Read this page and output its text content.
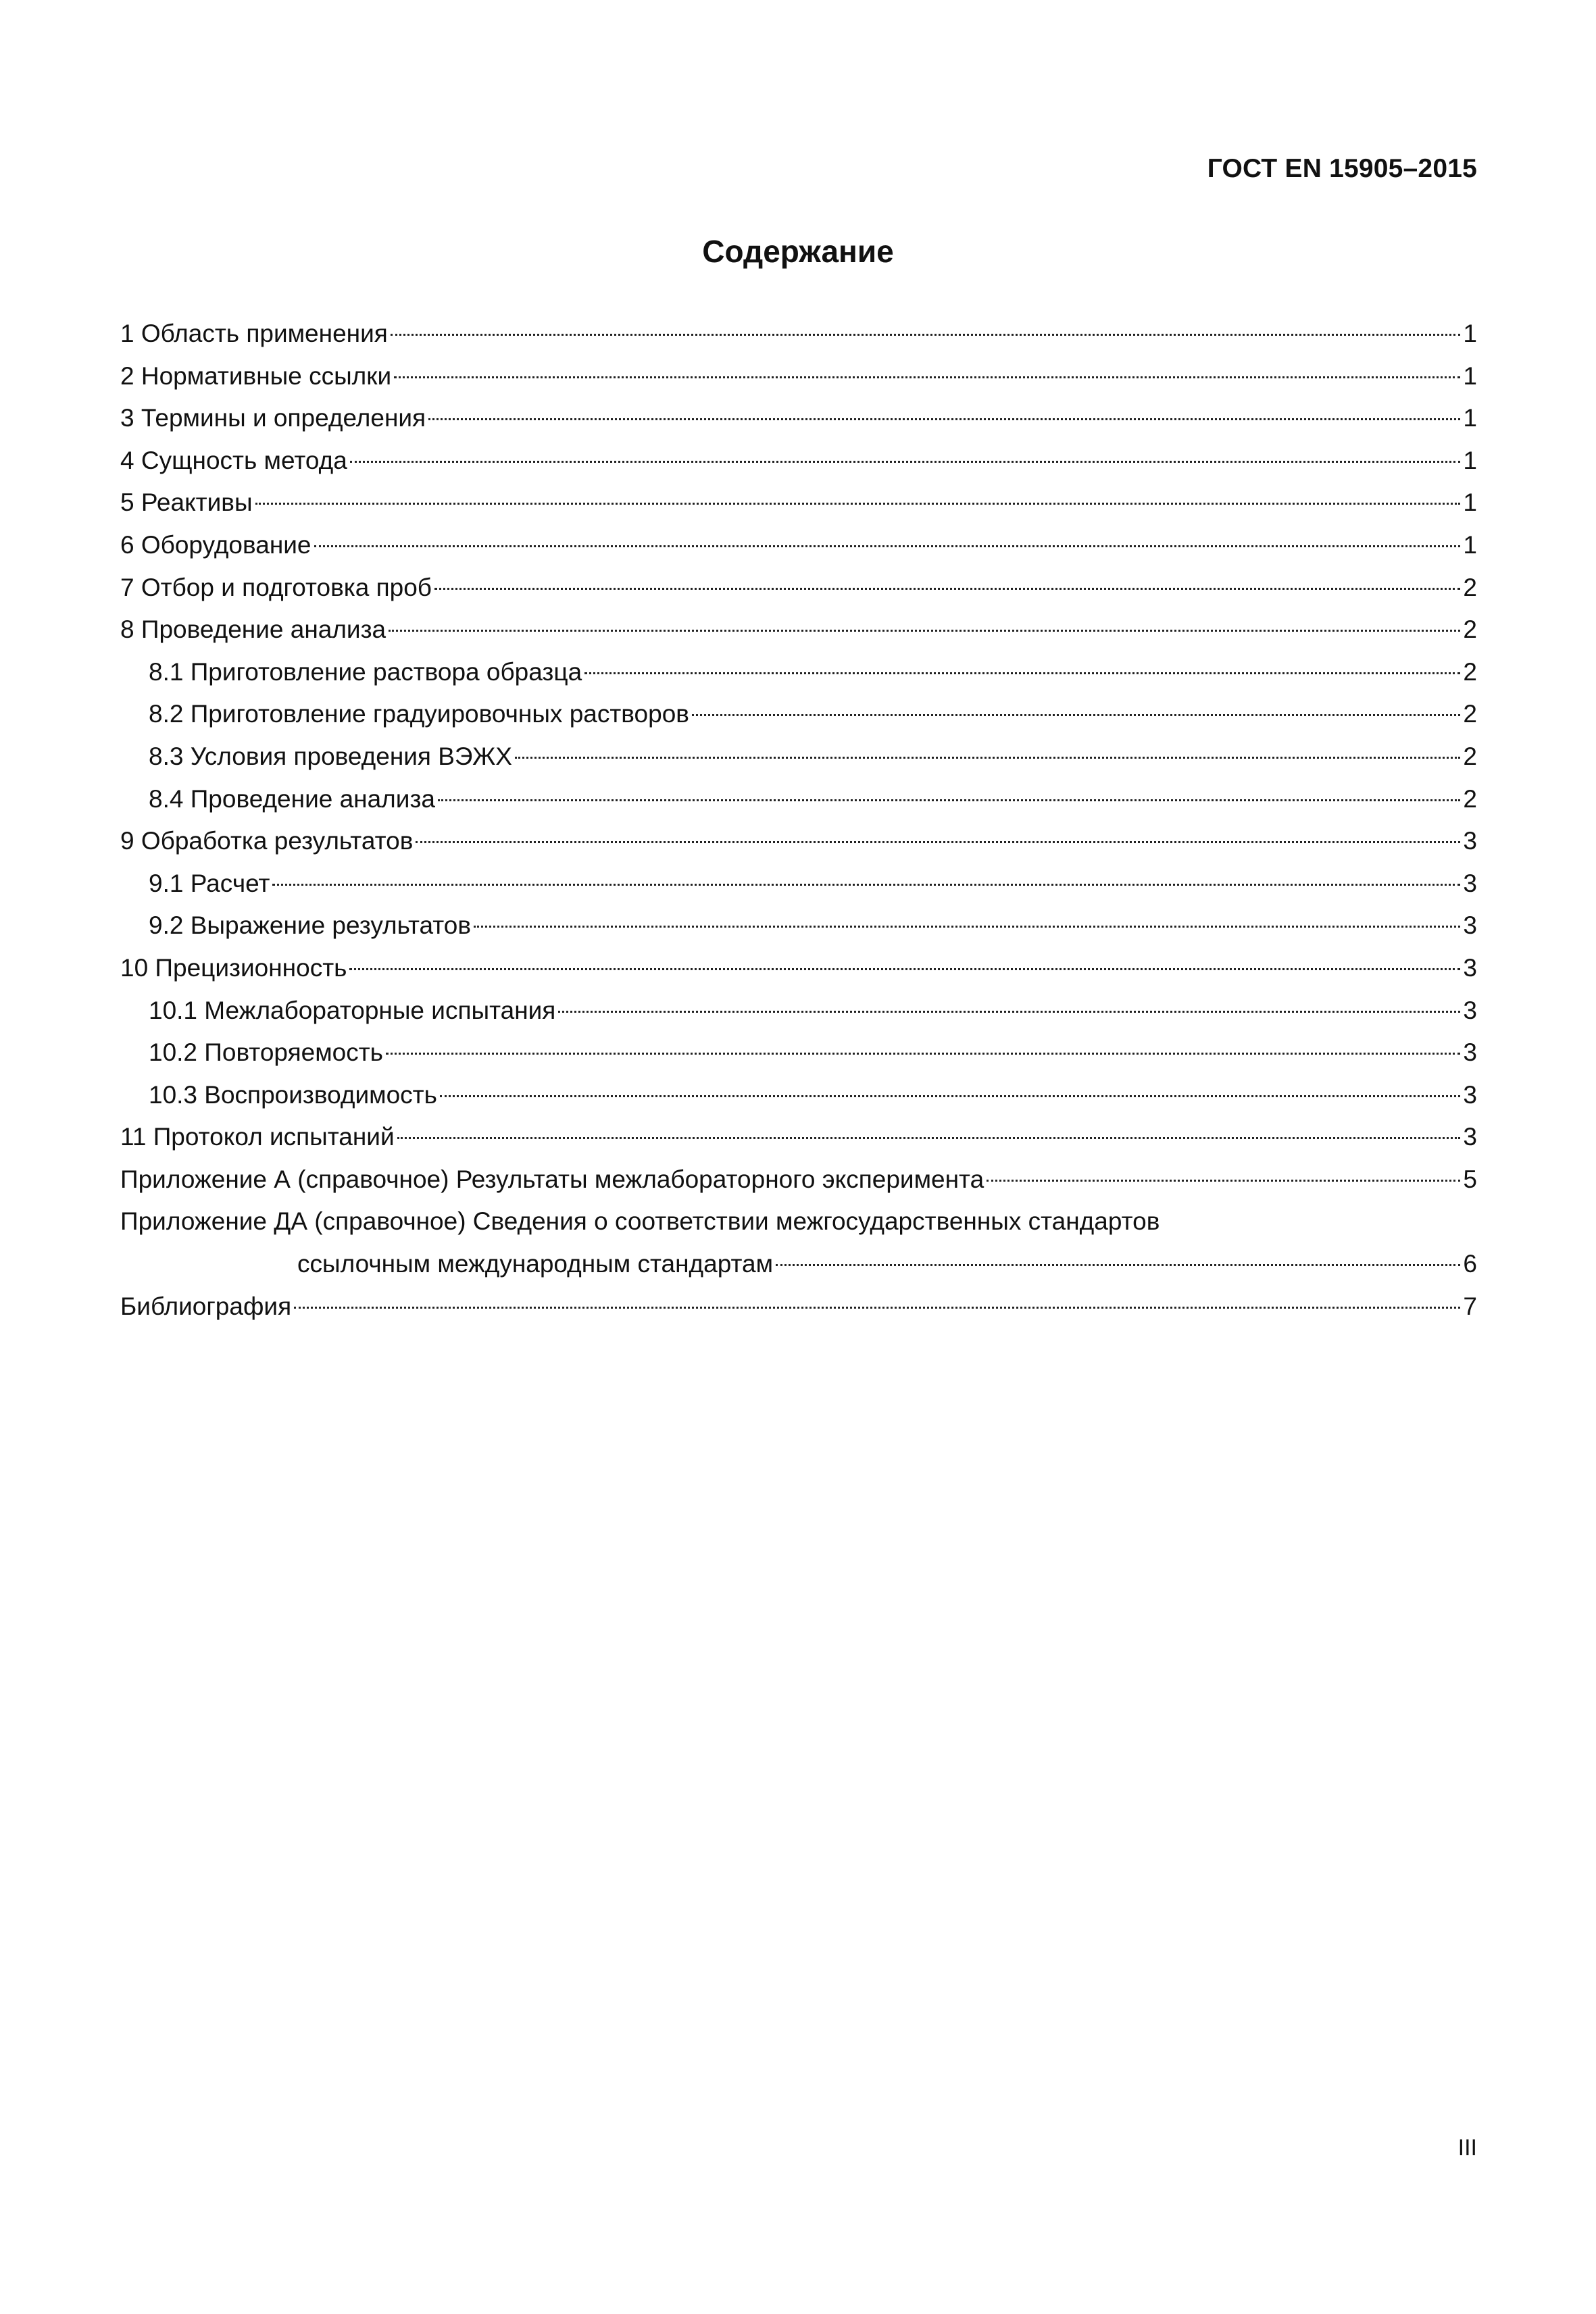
ГОСТ EN 15905–2015
Содержание
1 Область применения	1
2 Нормативные ссылки	1
3 Термины и определения	1
4 Сущность метода	1
5 Реактивы	1
6 Оборудование	1
7 Отбор и подготовка проб	2
8 Проведение анализа	2
8.1 Приготовление раствора образца	2
8.2 Приготовление градуировочных растворов	2
8.3 Условия проведения ВЭЖХ	2
8.4 Проведение анализа	2
9 Обработка результатов	3
9.1 Расчет	3
9.2 Выражение результатов	3
10 Прецизионность	3
10.1 Межлабораторные испытания	3
10.2 Повторяемость	3
10.3 Воспроизводимость	3
11 Протокол испытаний	3
Приложение А (справочное) Результаты межлабораторного эксперимента	5
Приложение ДА (справочное) Сведения о соответствии межгосударственных стандартов
ссылочным международным стандартам	6
Библиография	7
III
